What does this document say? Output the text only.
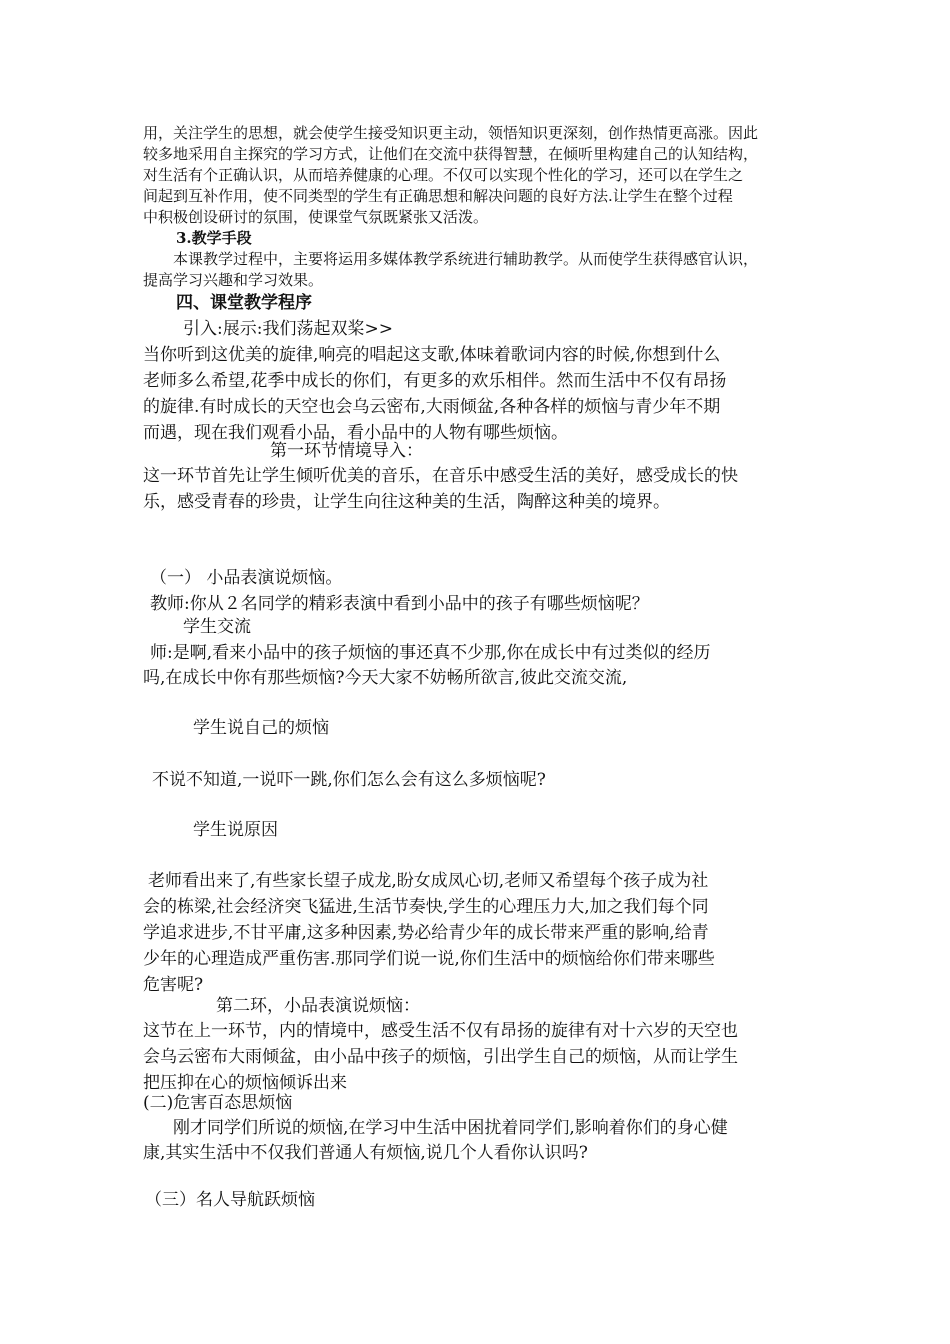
用，关注学生的思想，就会使学生接受知识更主动，领悟知识更深刻，创作热情更高涨。因此
较多地采用自主探究的学习方式，让他们在交流中获得智慧，在倾听里构建自己的认知结构，
对生活有个正确认识，从而培养健康的心理。不仅可以实现个性化的学习，还可以在学生之
间起到互补作用，使不同类型的学生有正确思想和解决问题的良好方法.让学生在整个过程
中积极创设研讨的氛围，使课堂气氛既紧张又活泼。
3.教学手段
本课教学过程中，主要将运用多媒体教学系统进行辅助教学。从而使学生获得感官认识，
提高学习兴趣和学习效果。
四、课堂教学程序
引入:展示:我们荡起双桨>>
当你听到这优美的旋律,响亮的唱起这支歌,体味着歌词内容的时候,你想到什么
老师多么希望,花季中成长的你们，有更多的欢乐相伴。然而生活中不仅有昂扬
的旋律.有时成长的天空也会乌云密布,大雨倾盆,各种各样的烦恼与青少年不期
而遇，现在我们观看小品，看小品中的人物有哪些烦恼。
第一环节情境导入：
这一环节首先让学生倾听优美的音乐，在音乐中感受生活的美好，感受成长的快
乐，感受青春的珍贵，让学生向往这种美的生活，陶醉这种美的境界。
（一） 小品表演说烦恼。
教师:你从２名同学的精彩表演中看到小品中的孩子有哪些烦恼呢？
学生交流
师:是啊,看来小品中的孩子烦恼的事还真不少那,你在成长中有过类似的经历
吗,在成长中你有那些烦恼?今天大家不妨畅所欲言,彼此交流交流,
学生说自己的烦恼
不说不知道,一说吓一跳,你们怎么会有这么多烦恼呢?
学生说原因
老师看出来了,有些家长望子成龙,盼女成凤心切,老师又希望每个孩子成为社
会的栋梁,社会经济突飞猛进,生活节奏快,学生的心理压力大,加之我们每个同
学追求进步,不甘平庸,这多种因素,势必给青少年的成长带来严重的影响,给青
少年的心理造成严重伤害.那同学们说一说,你们生活中的烦恼给你们带来哪些
危害呢?
第二环，小品表演说烦恼：
这节在上一环节，内的情境中，感受生活不仅有昂扬的旋律有对十六岁的天空也
会乌云密布大雨倾盆，由小品中孩子的烦恼，引出学生自己的烦恼，从而让学生
把压抑在心的烦恼倾诉出来
(二)危害百态思烦恼
刚才同学们所说的烦恼,在学习中生活中困扰着同学们,影响着你们的身心健
康,其实生活中不仅我们普通人有烦恼,说几个人看你认识吗?
（三）名人导航跃烦恼
